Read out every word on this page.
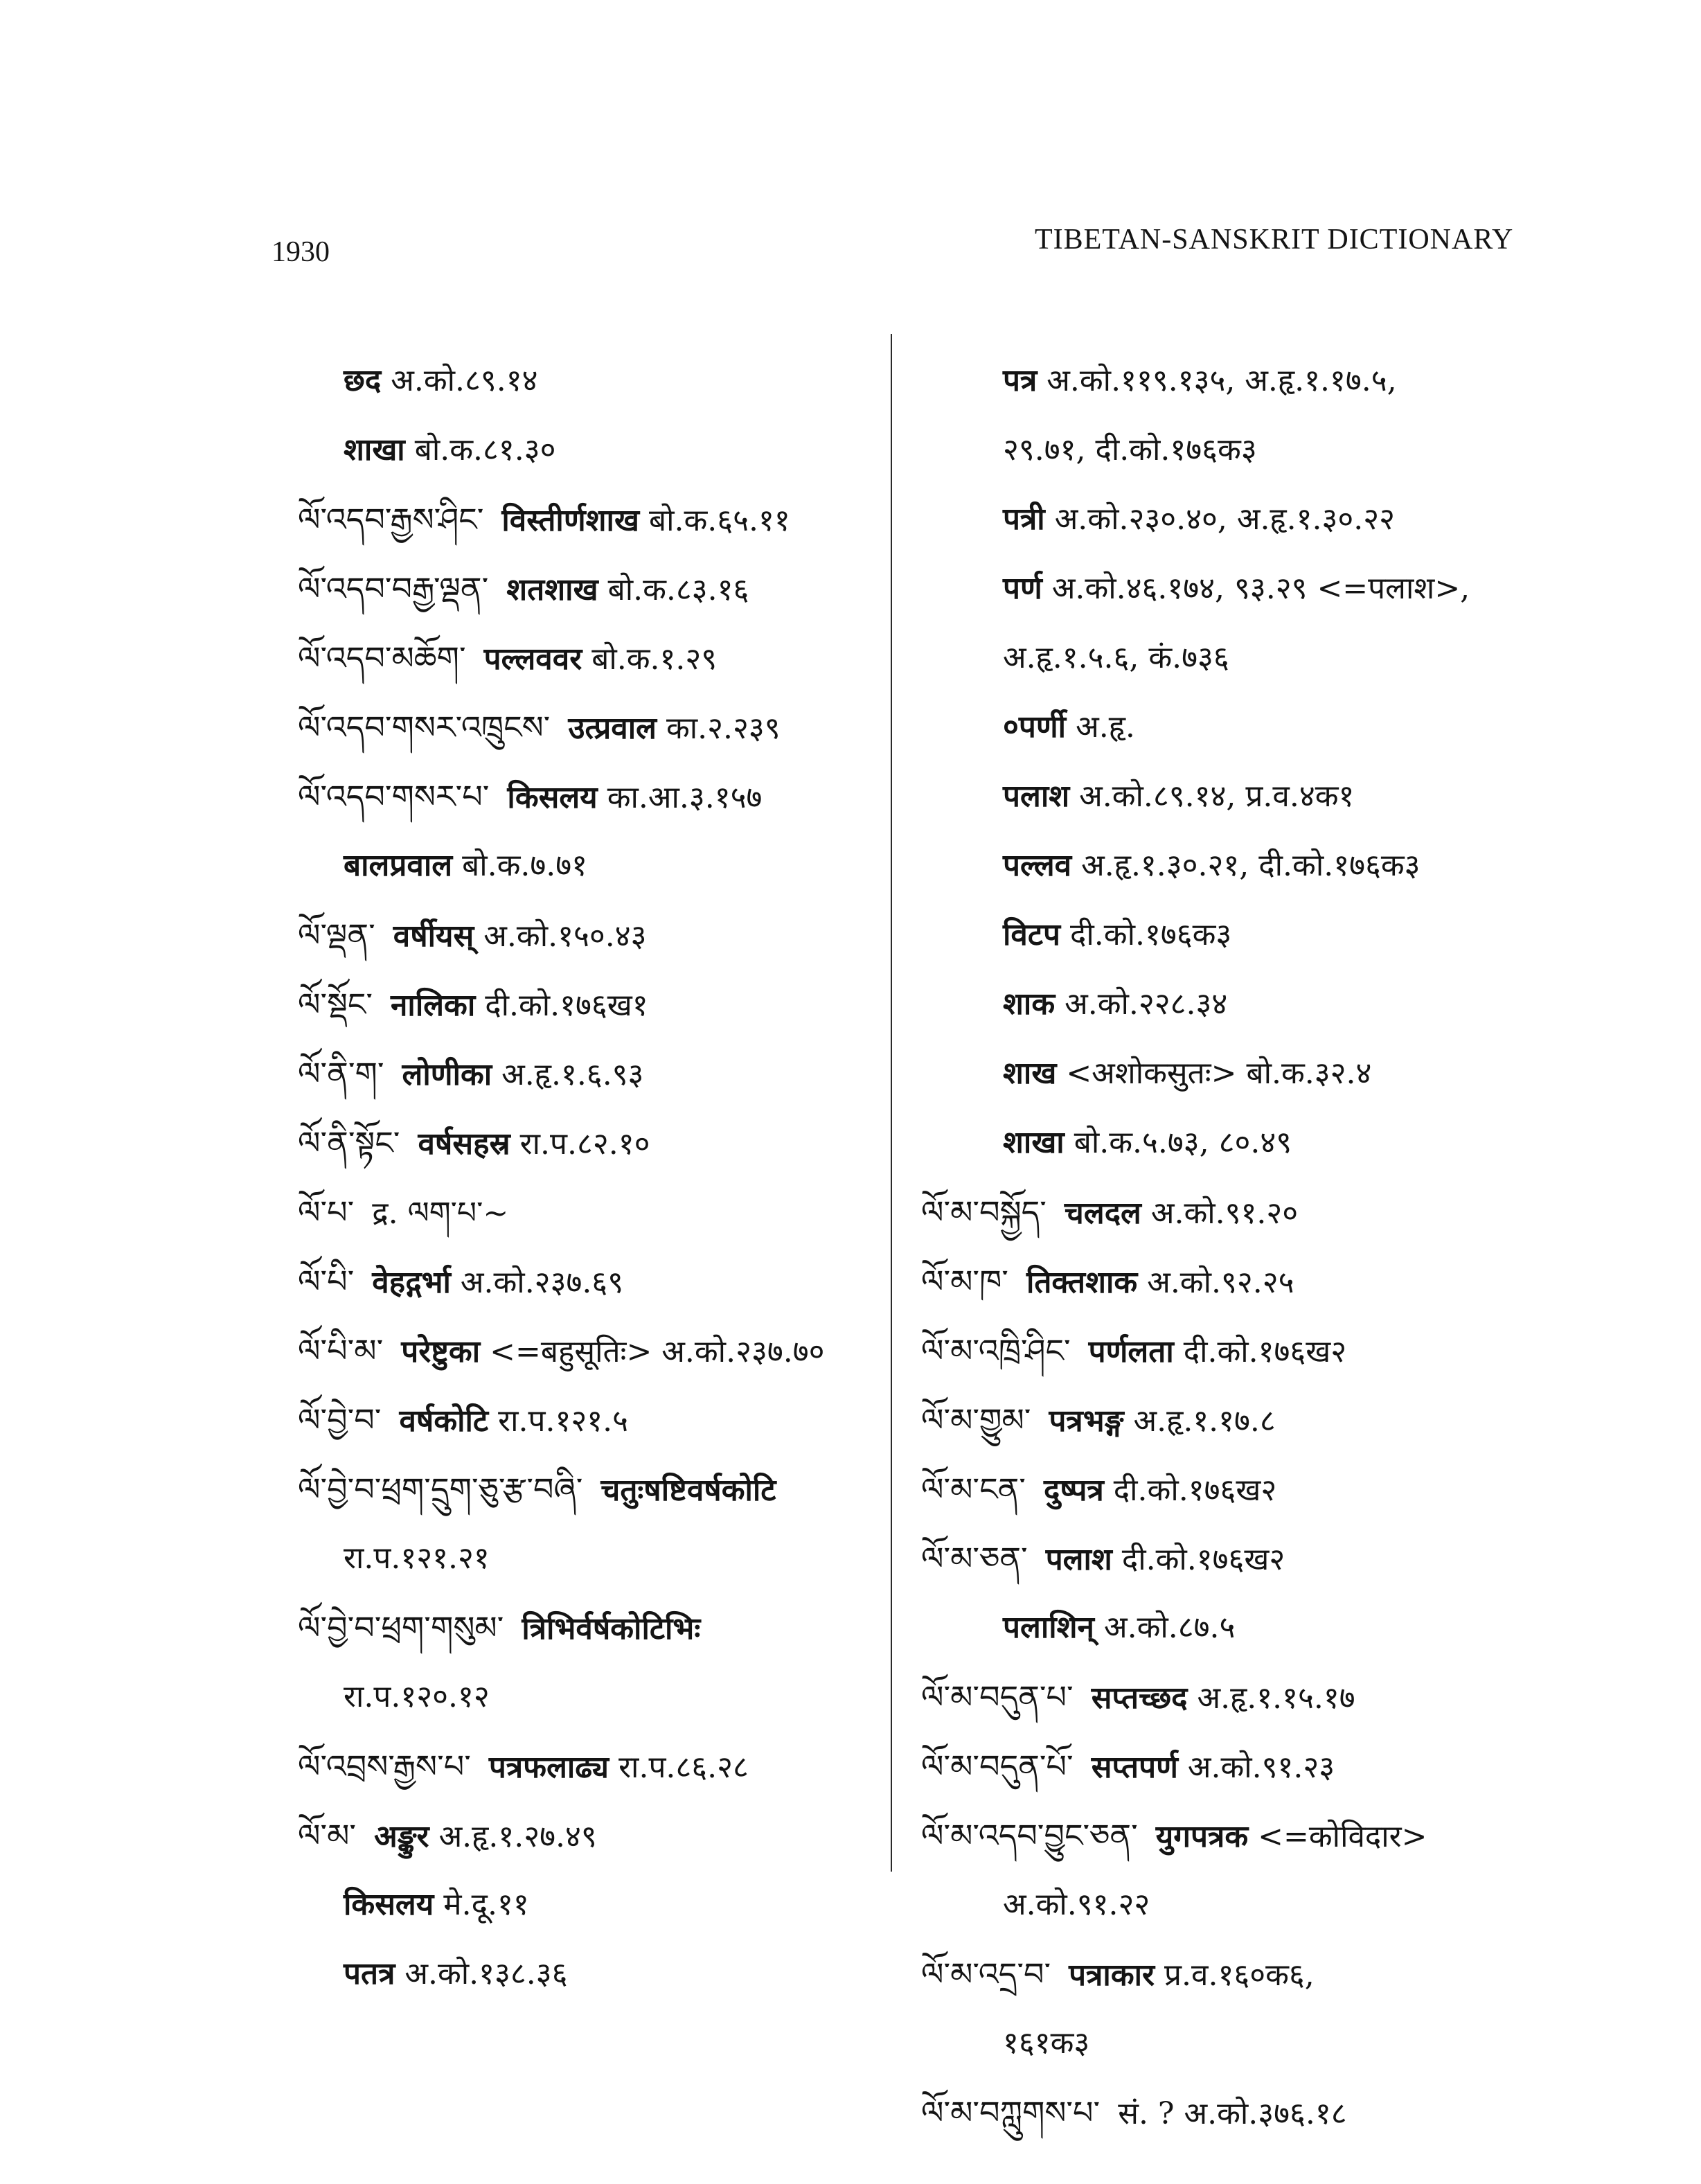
1930	TIBETAN-SANSKRIT DICTIONARY
छद अ.को.८९.१४
शाखा बो.क.८१.३०
ལོ་འདབ་རྒྱས་ཤིང་ विस्तीर्णशाख बो.क.६५.११
ལོ་འདབ་བརྒྱ་ལྡན་ शतशाख बो.क.८३.१६
ལོ་འདབ་མཆོག་ पल्लववर बो.क.१.२९
ལོ་འདབ་གསར་འཁྲུངས་ उत्प्रवाल का.२.२३९
ལོ་འདབ་གསར་པ་ किसलय का.आ.३.१५७
बालप्रवाल बो.क.७.७१
ལོ་ལྡན་ वर्षीयस् अ.को.१५०.४३
ལོ་སྡོང་ नालिका दी.को.१७६ख१
ལོ་ནི་ག་ लोणीका अ.हृ.१.६.९३
ལོ་ནི་སྟོང་ वर्षसहस्र रा.प.८२.१०
ལོ་པ་ द्र. ལག་པ་~
ལོ་པི་ वेहद्गर्भा अ.को.२३७.६९
ལོ་པི་མ་ परेष्टुका <=बहुसूतिः> अ.को.२३७.७०
ལོ་བྱེ་བ་ वर्षकोटि रा.प.१२१.५
ལོ་བྱེ་བ་ཕྲག་དྲུག་ཅུ་རྩ་བཞི་ चतुःषष्टिवर्षकोटि
रा.प.१२१.२१
ལོ་བྱེ་བ་ཕྲག་གསུམ་ त्रिभिर्वर्षकोटिभिः
रा.प.१२०.१२
ལོ་འབྲས་རྒྱས་པ་ पत्रफलाढ्य रा.प.८६.२८
ལོ་མ་ अङ्कुर अ.हृ.१.२७.४९
किसलय मे.दू.११
पतत्र अ.को.१३८.३६
पत्र अ.को.११९.१३५, अ.हृ.१.१७.५,
२९.७१, दी.को.१७६क३
पत्री अ.को.२३०.४०, अ.हृ.१.३०.२२
पर्ण अ.को.४६.१७४, ९३.२९ <=पलाश>,
अ.हृ.१.५.६, कं.७३६
०पर्णी अ.हृ.
पलाश अ.को.८९.१४, प्र.व.४क१
पल्लव अ.हृ.१.३०.२१, दी.को.१७६क३
विटप दी.को.१७६क३
शाक अ.को.२२८.३४
शाख <अशोकसुतः> बो.क.३२.४
शाखा बो.क.५.७३, ८०.४९
ལོ་མ་བསྐྱོད་ चलदल अ.को.९१.२०
ལོ་མ་ཁ་ तिक्तशाक अ.को.९२.२५
ལོ་མ་འཁྲི་ཤིང་ पर्णलता दी.को.१७६ख२
ལོ་མ་གྱུམ་ पत्रभङ्ग अ.हृ.१.१७.८
ལོ་མ་ངན་ दुष्पत्र दी.को.१७६ख२
ལོ་མ་ཅན་ पलाश दी.को.१७६ख२
पलाशिन् अ.को.८७.५
ལོ་མ་བདུན་པ་ सप्तच्छद अ.हृ.१.१५.१७
ལོ་མ་བདུན་པོ་ सप्तपर्ण अ.को.९१.२३
ལོ་མ་འདབ་བྱུང་ཅན་ युगपत्रक <=कोविदार>
अ.को.९१.२२
ལོ་མ་འདྲ་བ་ पत्राकार प्र.व.१६०क६,
१६१क३
ལོ་མ་བཀླུགས་པ་ सं. ? अ.को.३७६.१८
